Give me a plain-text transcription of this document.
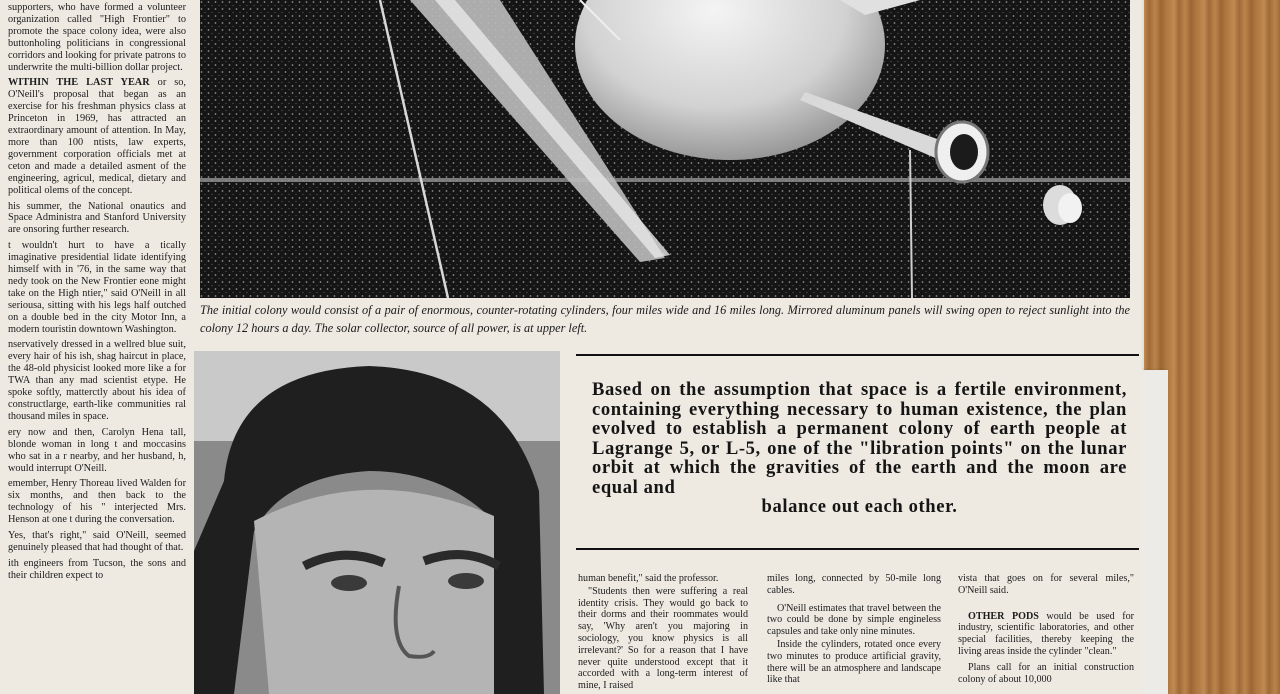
supporters, who have formed a volunteer organization called "High Frontier" to promote the space colony idea, were also buttonholing politicians in congressional corridors and looking for private patrons to underwrite the multi-billion dollar project.

WITHIN THE LAST YEAR or so, O'Neill's proposal that began as an exercise for his freshman physics class at Princeton in 1969, has attracted an extraordinary amount of attention. In May, more than 100 ntists, law experts, government corporation officials met at ceton and made a detailed asment of the engineering, agricul, medical, dietary and political olems of the concept.

his summer, the National onautics and Space Administra and Stanford University are onsoring further research.

t wouldn't hurt to have a tically imaginative presidential lidate identifying himself with in '76, in the same way that nedy took on the New Frontier eone might take on the High ntier," said O'Neill in all seriousa, sitting with his legs half outched on a double bed in the city Motor Inn, a modern touristin downtown Washington.

nservatively dressed in a wellred blue suit, every hair of his ish, shag haircut in place, the 48-old physicist looked more like a for TWA than any mad scientist etype. He spoke softly, matterctly about his idea of constructlarge, earth-like communities ral thousand miles in space.

ery now and then, Carolyn Hena tall, blonde woman in long t and moccasins who sat in a r nearby, and her husband, h, would interrupt O'Neill.

emember, Henry Thoreau lived Walden for six months, and then back to the technology of his " interjected Mrs. Henson at one t during the conversation.

Yes, that's right," said O'Neill, seemed genuinely pleased that had thought of that.

ith engineers from Tucson, the sons and their children expect to

The initial colony would consist of a pair of enormous, counter-rotating cylinders, four miles wide and 16 miles long. Mirrored aluminum panels will swing open to reject sunlight into the colony 12 hours a day. The solar collector, source of all power, is at upper left.
Based on the assumption that space is a fertile environment, containing everything necessary to human existence, the plan evolved to establish a permanent colony of earth people at Lagrange 5, or L-5, one of the "libration points" on the lunar orbit at which the gravities of the earth and the moon are equal and
balance out each other.

human benefit," said the professor.

"Students then were suffering a real identity crisis. They would go back to their dorms and their roommates would say, 'Why aren't you majoring in sociology, you know physics is all irrelevant?' So for a reason that I have never quite understood except that it accorded with a long-term interest of mine, I raised

miles long, connected by 50-mile long cables.

O'Neill estimates that travel between the two could be done by simple engineless capsules and take only nine minutes.

Inside the cylinders, rotated once every two minutes to produce artificial gravity, there will be an atmosphere and landscape like that

vista that goes on for several miles," O'Neill said.

OTHER PODS would be used for industry, scientific laboratories, and other special facilities, thereby keeping the living areas inside the cylinder "clean."

Plans call for an initial construction colony of about 10,000
